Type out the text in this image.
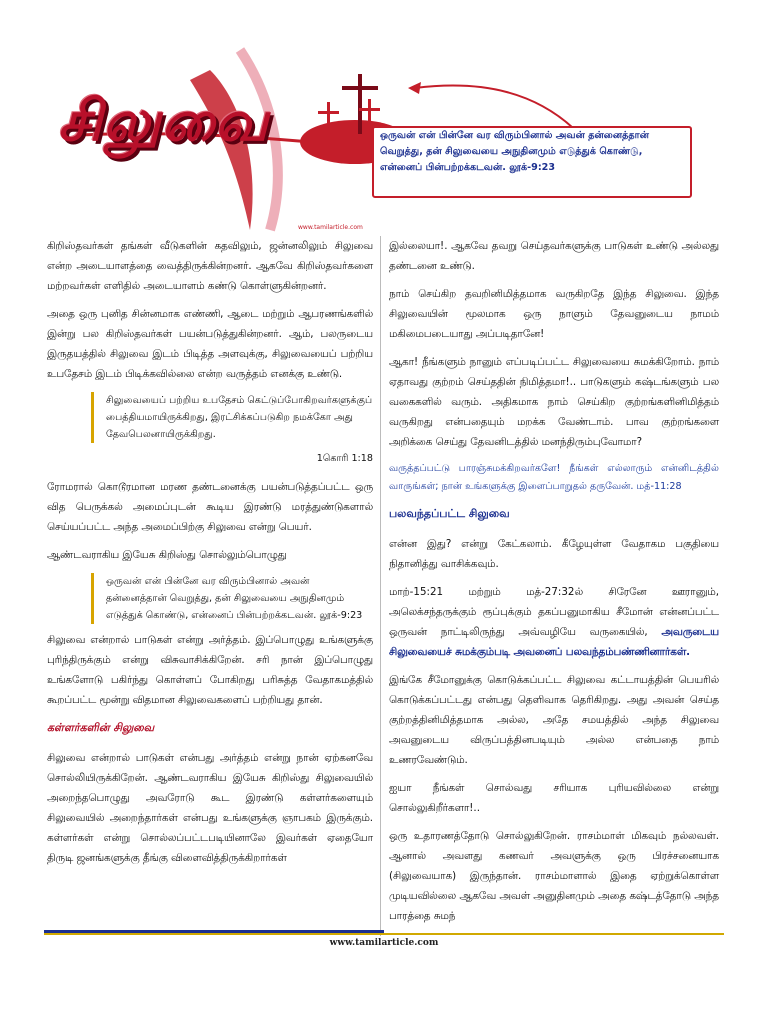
சிலுவை	ஒருவன் என் பின்னே வர விரும்பினால் அவன் தன்னைத்தான் வெறுத்து, தன் சிலுவையை அநுதினமும் எடுத்துக் கொண்டு, என்னைப் பின்பற்றக்கடவன். லூக்-9:23
www.tamilarticle.com

கிறிஸ்தவர்கள் தங்கள் வீடுகளின் கதவிலும், ஜன்னலிலும் சிலுவை என்ற அடையாளத்தை வைத்திருக்கின்றனர். ஆகவே கிறிஸ்தவர்களை மற்றவர்கள் எளிதில் அடையாளம் கண்டு கொள்ளுகின்றனர்.

அதை ஒரு புனித சின்னமாக எண்ணி, ஆடை மற்றும் ஆபரணங்களில் இன்று பல கிறிஸ்தவர்கள் பயன்படுத்துகின்றனர். ஆம், பலருடைய இருதயத்தில் சிலுவை இடம் பிடித்த அளவுக்கு, சிலுவையைப் பற்றிய உபதேசம் இடம் பிடிக்கவில்லை என்ற வருத்தம் எனக்கு உண்டு.

சிலுவையைப் பற்றிய உபதேசம் கெட்டுப்போகிறவர்களுக்குப் பைத்தியமாயிருக்கிறது, இரட்சிக்கப்படுகிற நமக்கோ அது தேவபெலனாயிருக்கிறது.
1கொரி 1:18

ரோமரால் கொடூரமான மரண தண்டனைக்கு பயன்படுத்தப்பட்ட ஒரு வித பெருக்கல் அமைப்புடன் கூடிய இரண்டு மரத்துண்டுகளால் செய்யப்பட்ட அந்த அமைப்பிற்கு சிலுவை என்று பெயர்.

ஆண்டவராகிய இயேசு கிறிஸ்து சொல்லும்பொழுது

ஒருவன் என் பின்னே வர விரும்பினால் அவன் தன்னைத்தான் வெறுத்து, தன் சிலுவையை அநுதினமும் எடுத்துக் கொண்டு, என்னைப் பின்பற்றக்கடவன். லூக்-9:23

சிலுவை என்றால் பாடுகள் என்று அர்த்தம். இப்பொழுது உங்களுக்கு புரிந்திருக்கும் என்று விசுவாசிக்கிறேன். சரி நான் இப்பொழுது உங்களோடு பகிர்ந்து கொள்ளப் போகிறது பரிசுத்த வேதாகமத்தில் கூறப்பட்ட மூன்று விதமான சிலுவைகளைப் பற்றியது தான்.

கள்ளர்களின் சிலுவை

சிலுவை என்றால் பாடுகள் என்பது அர்த்தம் என்று நான் ஏற்கனவே சொல்லியிருக்கிறேன். ஆண்டவராகிய இயேசு கிறிஸ்து சிலுவையில் அறைந்தபொழுது அவரோடு கூட இரண்டு கள்ளர்களையும் சிலுவையில் அறைந்தார்கள் என்பது உங்களுக்கு ஞாபகம் இருக்கும். கள்ளர்கள் என்று சொல்லப்பட்டபடியினாலே இவர்கள் ஏதையோ திருடி ஜனங்களுக்கு தீங்கு விளைவித்திருக்கிறார்கள்

இல்லையா!. ஆகவே தவறு செய்தவர்களுக்கு பாடுகள் உண்டு அல்லது தண்டனை உண்டு.

நாம் செய்கிற தவறினிமித்தமாக வருகிறதே இந்த சிலுவை. இந்த சிலுவையின் மூலமாக ஒரு நாளும் தேவனுடைய நாமம் மகிமைபடையாது அப்படிதானே!

ஆகா! நீங்களும் நானும் எப்படிப்பட்ட சிலுவையை சுமக்கிறோம். நாம் ஏதாவது குற்றம் செய்ததின் நிமித்தமா!.. பாடுகளும் கஷ்டங்களும் பல வகைகளில் வரும். அதிகமாக நாம் செய்கிற குற்றங்களினிமித்தம் வருகிறது என்பதையும் மறக்க வேண்டாம். பாவ குற்றங்களை அறிக்கை செய்து தேவனிடத்தில் மனந்திரும்புவோமா?

வருத்தப்பட்டு பாரஞ்சுமக்கிறவர்களே! நீங்கள் எல்லாரும் என்னிடத்தில் வாருங்கள்; நான் உங்களுக்கு இளைப்பாறுதல் தருவேன். மத்-11:28

பலவந்தப்பட்ட சிலுவை

என்ன இது? என்று கேட்கலாம். கீழேயுள்ள வேதாகம பகுதியை நிதானித்து வாசிக்கவும்.

மாற்-15:21 மற்றும் மத்-27:32ல் சிரேனே ஊரானும், அலெக்சந்தருக்கும் ரூப்புக்கும் தகப்பனுமாகிய சீமோன் என்னப்பட்ட ஒருவன் நாட்டிலிருந்து அவ்வழியே வருகையில், அவருடைய சிலுவையைச் சுமக்கும்படி அவனைப் பலவந்தம்பண்ணினார்கள்.

இங்கே சீமோனுக்கு கொடுக்கப்பட்ட சிலுவை கட்டாயத்தின் பெயரில் கொடுக்கப்பட்டது என்பது தெளிவாக தெரிகிறது. அது அவன் செய்த குற்றத்தினிமித்தமாக அல்ல, அதே சமயத்தில் அந்த சிலுவை அவனுடைய விருப்பத்தினபடியும் அல்ல என்பதை நாம் உணரவேண்டும்.

ஐயா நீங்கள் சொல்வது சரியாக புரியவில்லை என்று சொல்லுகிறீர்களா!..

ஒரு உதாரணத்தோடு சொல்லுகிறேன். ராசம்மாள் மிகவும் நல்லவள். ஆனால் அவளது கணவர் அவளுக்கு ஒரு பிரச்சனையாக (சிலுவையாக) இருந்தான். ராசம்மாளால் இதை ஏற்றுக்கொள்ள முடியவில்லை ஆகவே அவள் அனுதினமும் அதை கஷ்டத்தோடு அந்த பாரத்தை சுமந்

www.tamilarticle.com
